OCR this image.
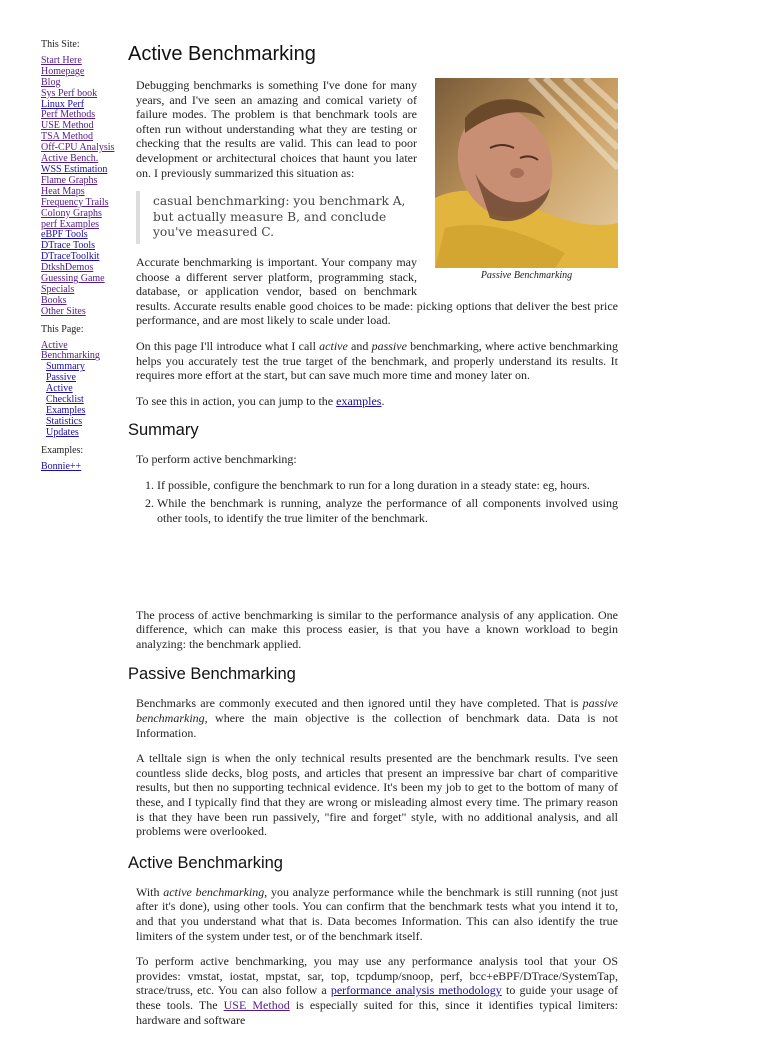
This Site:
Start Here
Homepage
Blog
Sys Perf book
Linux Perf
Perf Methods
USE Method
TSA Method
Off-CPU Analysis
Active Bench.
WSS Estimation
Flame Graphs
Heat Maps
Frequency Trails
Colony Graphs
perf Examples
eBPF Tools
DTrace Tools
DTraceToolkit
DtkshDemos
Guessing Game
Specials
Books
Other Sites
This Page:
Active Benchmarking
Summary
Passive
Active
Checklist
Examples
Statistics
Updates
Examples:
Bonnie++
Active Benchmarking
Passive Benchmarking

Debugging benchmarks is something I've done for many years, and I've seen an amazing and comical variety of failure modes. The problem is that benchmark tools are often run without understanding what they are testing or checking that the results are valid. This can lead to poor development or architectural choices that haunt you later on. I previously summarized this situation as:

casual benchmarking: you benchmark A, but actually measure B, and conclude you've measured C.

Accurate benchmarking is important. Your company may choose a different server platform, programming stack, database, or application vendor, based on benchmark results. Accurate results enable good choices to be made: picking options that deliver the best price performance, and are most likely to scale under load.

On this page I'll introduce what I call active and passive benchmarking, where active benchmarking helps you accurately test the true target of the benchmark, and properly understand its results. It requires more effort at the start, but can save much more time and money later on.

To see this in action, you can jump to the examples.

Summary

To perform active benchmarking:

1. If possible, configure the benchmark to run for a long duration in a steady state: eg, hours.
2. While the benchmark is running, analyze the performance of all components involved using other tools, to identify the true limiter of the benchmark.

The process of active benchmarking is similar to the performance analysis of any application. One difference, which can make this process easier, is that you have a known workload to begin analyzing: the benchmark applied.

Passive Benchmarking

Benchmarks are commonly executed and then ignored until they have completed. That is passive benchmarking, where the main objective is the collection of benchmark data. Data is not Information.

A telltale sign is when the only technical results presented are the benchmark results. I've seen countless slide decks, blog posts, and articles that present an impressive bar chart of comparitive results, but then no supporting technical evidence. It's been my job to get to the bottom of many of these, and I typically find that they are wrong or misleading almost every time. The primary reason is that they have been run passively, "fire and forget" style, with no additional analysis, and all problems were overlooked.

Active Benchmarking

With active benchmarking, you analyze performance while the benchmark is still running (not just after it's done), using other tools. You can confirm that the benchmark tests what you intend it to, and that you understand what that is. Data becomes Information. This can also identify the true limiters of the system under test, or of the benchmark itself.

To perform active benchmarking, you may use any performance analysis tool that your OS provides: vmstat, iostat, mpstat, sar, top, tcpdump/snoop, perf, bcc+eBPF/DTrace/SystemTap, strace/truss, etc. You can also follow a performance analysis methodology to guide your usage of these tools. The USE Method is especially suited for this, since it identifies typical limiters: hardware and software
